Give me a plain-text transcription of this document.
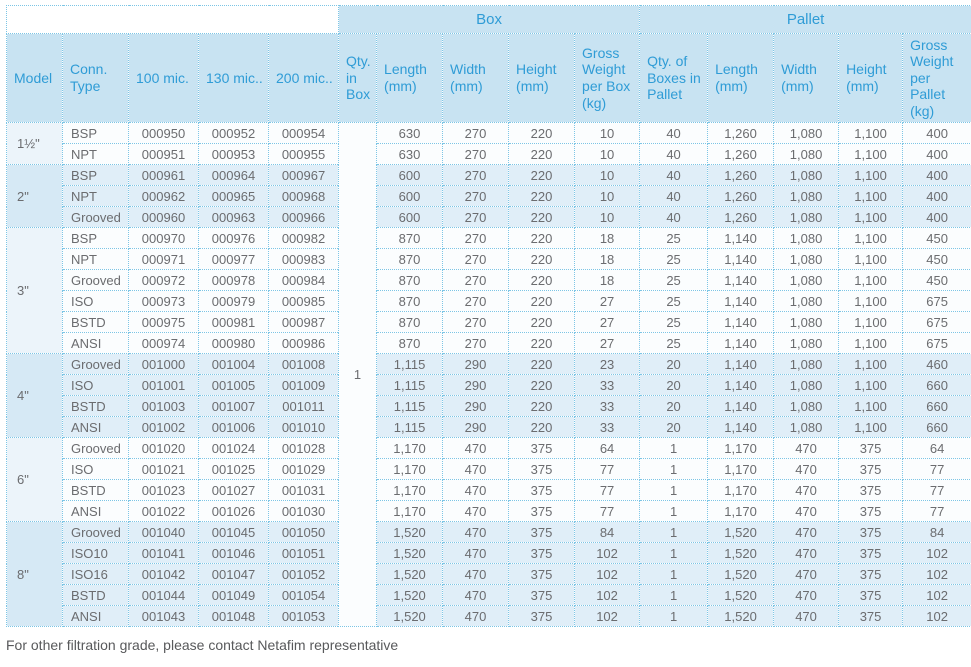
					Box					Pallet				
Model	Conn. Type	100 mic.	130 mic..	200 mic..	Qty. in Box	Length (mm)	Width (mm)	Height (mm)	Gross Weight per Box (kg)	Qty. of Boxes in Pallet	Length (mm)	Width (mm)	Height (mm)	Gross Weight per Pallet (kg)
1½"	BSP	000950	000952	000954	1	630	270	220	10	40	1,260	1,080	1,100	400
	NPT	000951	000953	000955		630	270	220	10	40	1,260	1,080	1,100	400
2"	BSP	000961	000964	000967		600	270	220	10	40	1,260	1,080	1,100	400
	NPT	000962	000965	000968		600	270	220	10	40	1,260	1,080	1,100	400
	Grooved	000960	000963	000966		600	270	220	10	40	1,260	1,080	1,100	400
3"	BSP	000970	000976	000982		870	270	220	18	25	1,140	1,080	1,100	450
	NPT	000971	000977	000983		870	270	220	18	25	1,140	1,080	1,100	450
	Grooved	000972	000978	000984		870	270	220	18	25	1,140	1,080	1,100	450
	ISO	000973	000979	000985		870	270	220	27	25	1,140	1,080	1,100	675
	BSTD	000975	000981	000987		870	270	220	27	25	1,140	1,080	1,100	675
	ANSI	000974	000980	000986		870	270	220	27	25	1,140	1,080	1,100	675
4"	Grooved	001000	001004	001008		1,115	290	220	23	20	1,140	1,080	1,100	460
	ISO	001001	001005	001009		1,115	290	220	33	20	1,140	1,080	1,100	660
	BSTD	001003	001007	001011		1,115	290	220	33	20	1,140	1,080	1,100	660
	ANSI	001002	001006	001010		1,115	290	220	33	20	1,140	1,080	1,100	660
6"	Grooved	001020	001024	001028		1,170	470	375	64	1	1,170	470	375	64
	ISO	001021	001025	001029		1,170	470	375	77	1	1,170	470	375	77
	BSTD	001023	001027	001031		1,170	470	375	77	1	1,170	470	375	77
	ANSI	001022	001026	001030		1,170	470	375	77	1	1,170	470	375	77
8"	Grooved	001040	001045	001050		1,520	470	375	84	1	1,520	470	375	84
	ISO10	001041	001046	001051		1,520	470	375	102	1	1,520	470	375	102
	ISO16	001042	001047	001052		1,520	470	375	102	1	1,520	470	375	102
	BSTD	001044	001049	001054		1,520	470	375	102	1	1,520	470	375	102
	ANSI	001043	001048	001053		1,520	470	375	102	1	1,520	470	375	102

For other filtration grade, please contact Netafim representative
